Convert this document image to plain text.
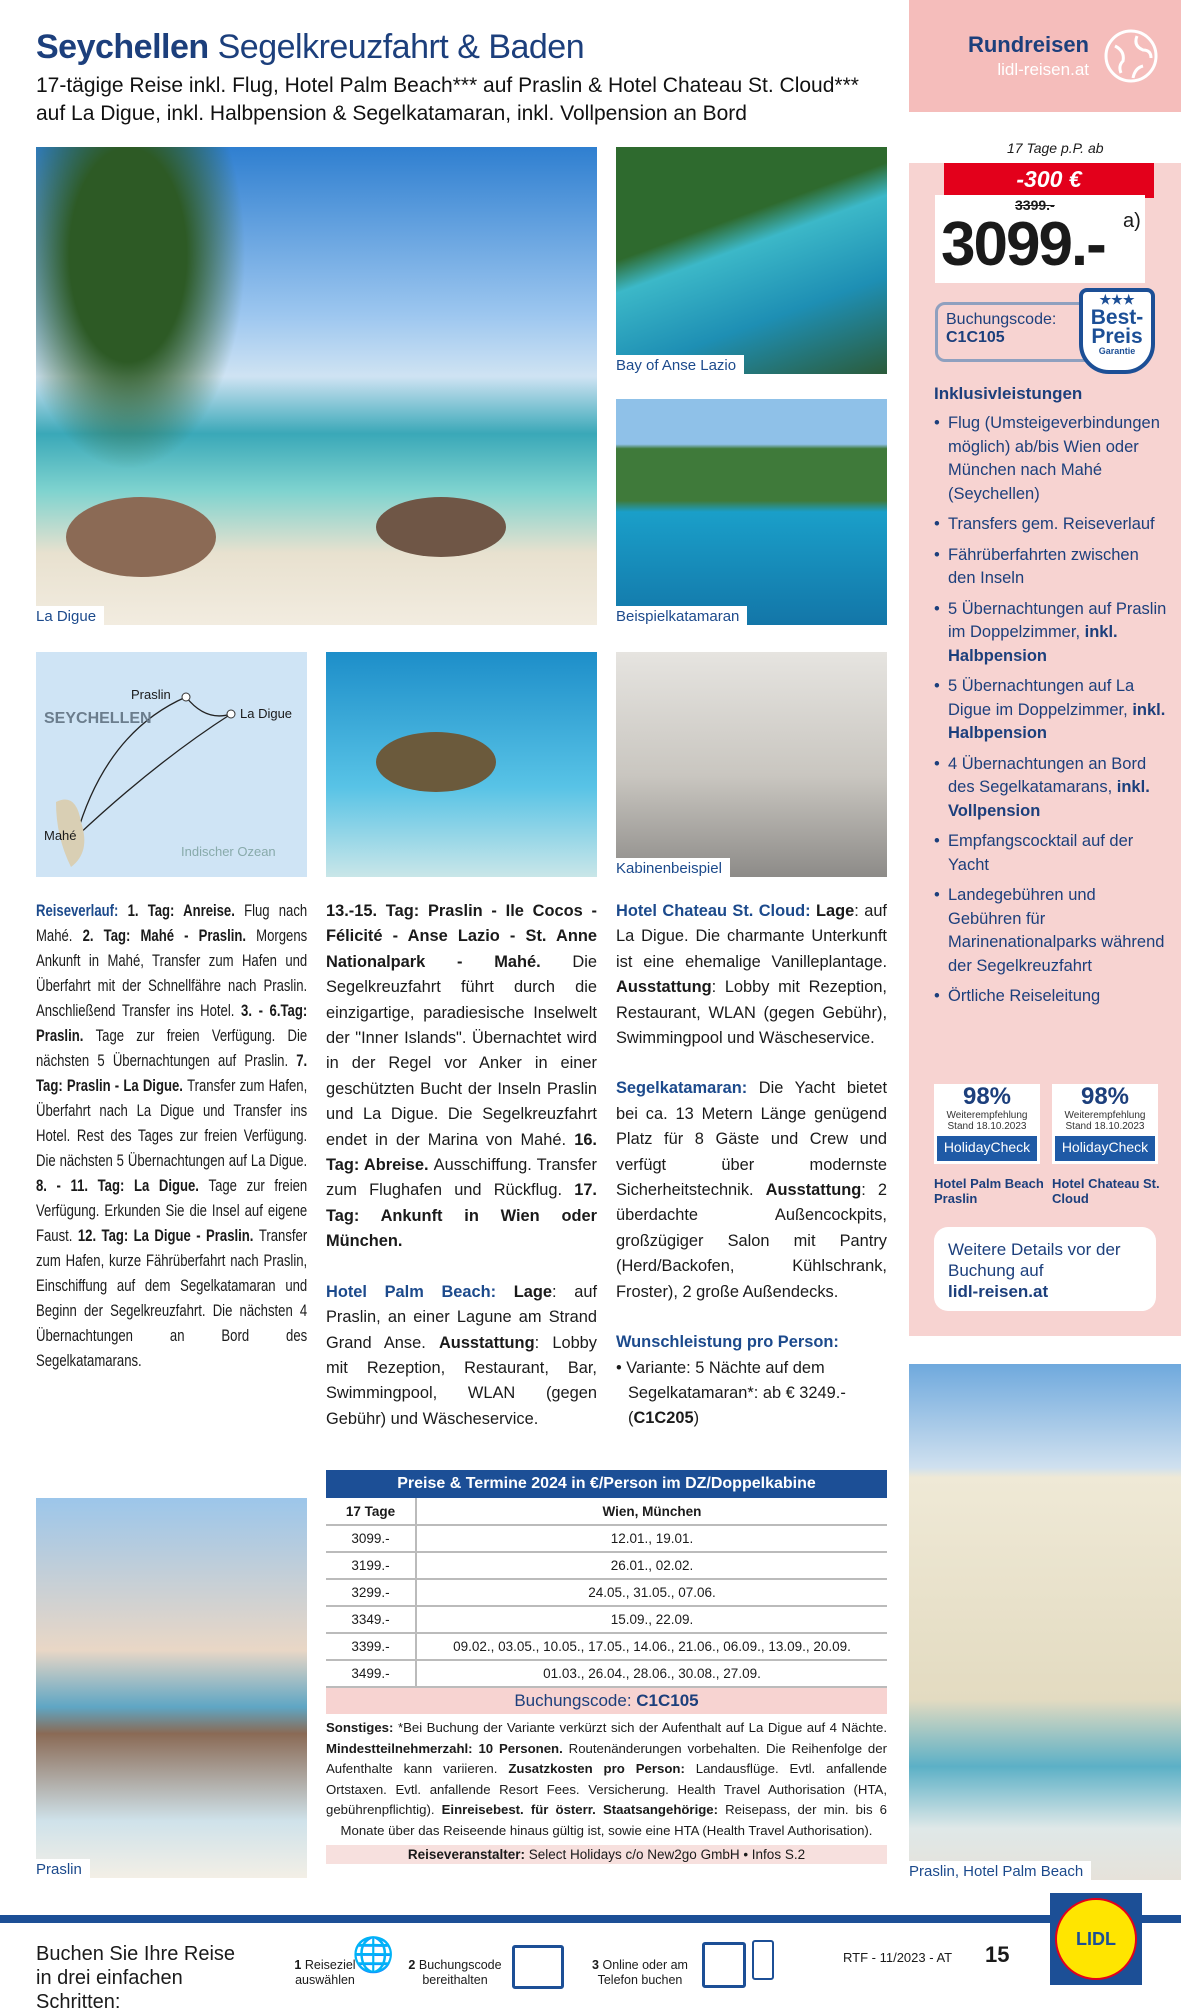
Seychellen Segelkreuzfahrt & Baden
17-tägige Reise inkl. Flug, Hotel Palm Beach*** auf Praslin & Hotel Chateau St. Cloud*** auf La Digue, inkl. Halbpension & Segelkatamaran, inkl. Vollpension an Bord
La Digue
Bay of Anse Lazio
Beispielkatamaran
SEYCHELLEN
Praslin
La Digue
Mahé
Indischer Ozean
Kabinenbeispiel
Reiseverlauf: 1. Tag: Anreise. Flug nach Mahé. 2. Tag: Mahé - Praslin. Morgens Ankunft in Mahé, Transfer zum Hafen und Überfahrt mit der Schnellfähre nach Praslin. Anschließend Transfer ins Hotel. 3. - 6.Tag: Praslin. Tage zur freien Verfügung. Die nächsten 5 Übernachtungen auf Praslin. 7. Tag: Praslin - La Digue. Transfer zum Hafen, Überfahrt nach La Digue und Transfer ins Hotel. Rest des Tages zur freien Verfügung. Die nächsten 5 Übernachtungen auf La Digue. 8. - 11. Tag: La Digue. Tage zur freien Verfügung. Erkunden Sie die Insel auf eigene Faust. 12. Tag: La Digue - Praslin. Transfer zum Hafen, kurze Fährüberfahrt nach Praslin, Einschiffung auf dem Segelkatamaran und Beginn der Segelkreuzfahrt. Die nächsten 4 Übernachtungen an Bord des Segelkatamarans.
13.-15. Tag: Praslin - Ile Cocos - Félicité - Anse Lazio - St. Anne Nationalpark - Mahé. Die Segelkreuzfahrt führt durch die einzigartige, paradiesische Inselwelt der "Inner Islands". Übernachtet wird in der Regel vor Anker in einer geschützten Bucht der Inseln Praslin und La Digue. Die Segelkreuzfahrt endet in der Marina von Mahé. 16. Tag: Abreise. Ausschiffung. Transfer zum Flughafen und Rückflug. 17. Tag: Ankunft in Wien oder München.
Hotel Palm Beach: Lage: auf Praslin, an einer Lagune am Strand Grand Anse. Ausstattung: Lobby mit Rezeption, Restaurant, Bar, Swimmingpool, WLAN (gegen Gebühr) und Wäscheservice.
Hotel Chateau St. Cloud: Lage: auf La Digue. Die charmante Unterkunft ist eine ehemalige Vanilleplantage. Ausstattung: Lobby mit Rezeption, Restaurant, WLAN (gegen Gebühr), Swimmingpool und Wäscheservice.
Segelkatamaran: Die Yacht bietet bei ca. 13 Metern Länge genügend Platz für 8 Gäste und Crew und verfügt über modernste Sicherheitstechnik. Ausstattung: 2 überdachte Außencockpits, großzügiger Salon mit Pantry (Herd/Backofen, Kühlschrank, Froster), 2 große Außendecks.
Wunschleistung pro Person:
• Variante: 5 Nächte auf dem Segelkatamaran*: ab € 3249.- (C1C205)
Praslin
Preise & Termine 2024 in €/Person im DZ/Doppelkabine
17 Tage	Wien, München
3099.-	12.01., 19.01.
3199.-	26.01., 02.02.
3299.-	24.05., 31.05., 07.06.
3349.-	15.09., 22.09.
3399.-	09.02., 03.05., 10.05., 17.05., 14.06., 21.06., 06.09., 13.09., 20.09.
3499.-	01.03., 26.04., 28.06., 30.08., 27.09.
Buchungscode: C1C105
Sonstiges: *Bei Buchung der Variante verkürzt sich der Aufenthalt auf La Digue auf 4 Nächte. Mindestteilnehmerzahl: 10 Personen. Routenänderungen vorbehalten. Die Reihenfolge der Aufenthalte kann variieren. Zusatzkosten pro Person: Landausflüge. Evtl. anfallende Ortstaxen. Evtl. anfallende Resort Fees. Versicherung. Health Travel Authorisation (HTA, gebührenpflichtig). Einreisebest. für österr. Staatsangehörige: Reisepass, der min. bis 6 Monate über das Reiseende hinaus gültig ist, sowie eine HTA (Health Travel Authorisation).
Reiseveranstalter: Select Holidays c/o New2go GmbH • Infos S.2
Rundreisen
lidl-reisen.at
17 Tage p.P. ab
-300 €
3399.-
3099.- a)
Buchungscode:
C1C105
★★★
Best-
Preis
Garantie
Inklusivleistungen
• Flug (Umsteigeverbindungen möglich) ab/bis Wien oder München nach Mahé (Seychellen)
• Transfers gem. Reiseverlauf
• Fährüberfahrten zwischen den Inseln
• 5 Übernachtungen auf Praslin im Doppelzimmer, inkl. Halbpension
• 5 Übernachtungen auf La Digue im Doppelzimmer, inkl. Halbpension
• 4 Übernachtungen an Bord des Segelkatamarans, inkl. Vollpension
• Empfangscocktail auf der Yacht
• Landegebühren und Gebühren für Marinenationalparks während der Segelkreuzfahrt
• Örtliche Reiseleitung
98%
Weiterempfehlung
Stand 18.10.2023
HolidayCheck
Hotel Palm Beach Praslin
98%
Weiterempfehlung
Stand 18.10.2023
HolidayCheck
Hotel Chateau St. Cloud
Weitere Details vor der Buchung auf
lidl-reisen.at
Praslin, Hotel Palm Beach
Buchen Sie Ihre Reise in drei einfachen Schritten:
1 Reiseziel auswählen
🌐 2 Buchungscode bereithalten
3 Online oder am Telefon buchen
RTF - 11/2023 - AT 15
LIDL
